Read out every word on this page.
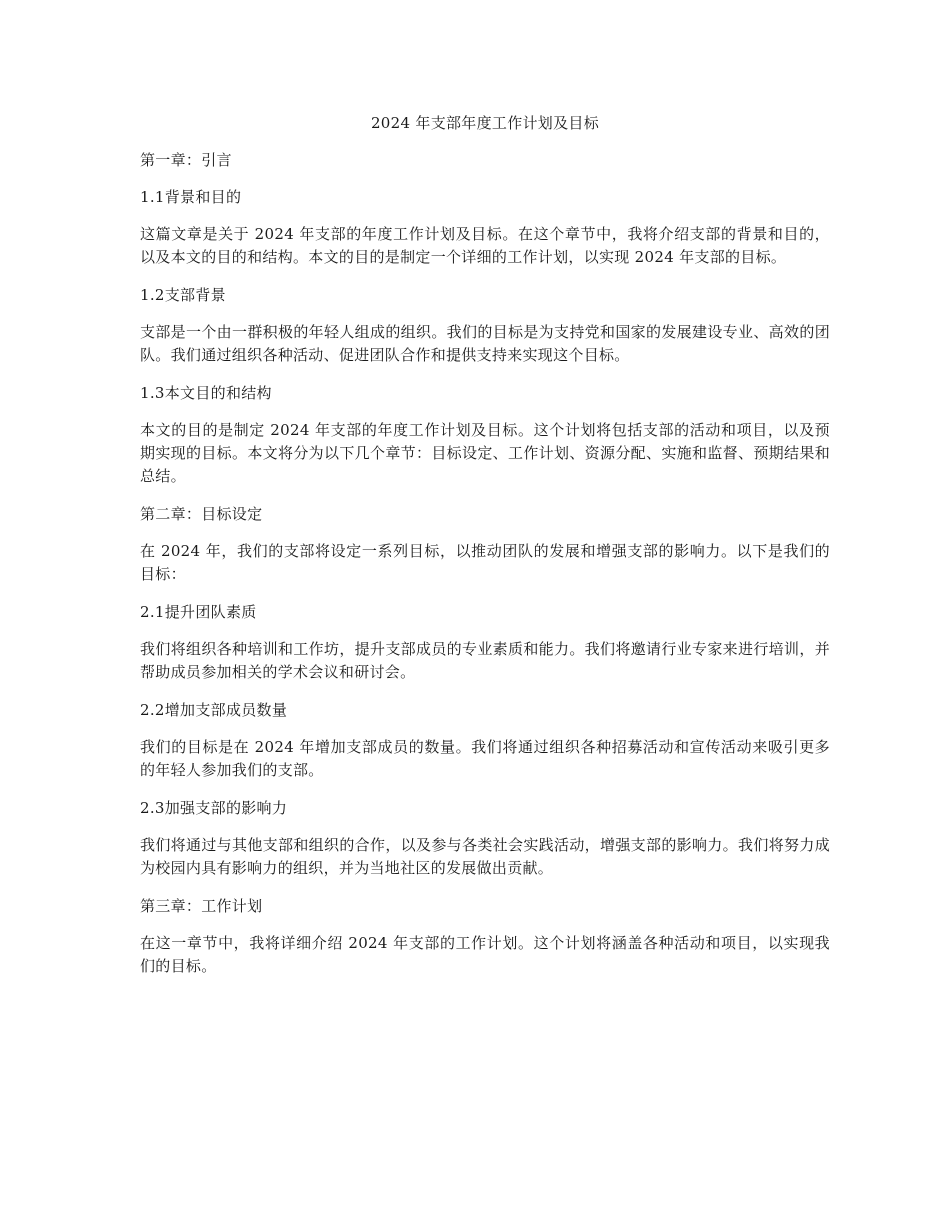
2024 年支部年度工作计划及目标
第一章：引言
1.1背景和目的
这篇文章是关于 2024 年支部的年度工作计划及目标。在这个章节中，我将介绍支部的背景和目的，以及本文的目的和结构。本文的目的是制定一个详细的工作计划，以实现 2024 年支部的目标。
1.2支部背景
支部是一个由一群积极的年轻人组成的组织。我们的目标是为支持党和国家的发展建设专业、高效的团队。我们通过组织各种活动、促进团队合作和提供支持来实现这个目标。
1.3本文目的和结构
本文的目的是制定 2024 年支部的年度工作计划及目标。这个计划将包括支部的活动和项目，以及预期实现的目标。本文将分为以下几个章节：目标设定、工作计划、资源分配、实施和监督、预期结果和总结。
第二章：目标设定
在 2024 年，我们的支部将设定一系列目标，以推动团队的发展和增强支部的影响力。以下是我们的目标：
2.1提升团队素质
我们将组织各种培训和工作坊，提升支部成员的专业素质和能力。我们将邀请行业专家来进行培训，并帮助成员参加相关的学术会议和研讨会。
2.2增加支部成员数量
我们的目标是在 2024 年增加支部成员的数量。我们将通过组织各种招募活动和宣传活动来吸引更多的年轻人参加我们的支部。
2.3加强支部的影响力
我们将通过与其他支部和组织的合作，以及参与各类社会实践活动，增强支部的影响力。我们将努力成为校园内具有影响力的组织，并为当地社区的发展做出贡献。
第三章：工作计划
在这一章节中，我将详细介绍 2024 年支部的工作计划。这个计划将涵盖各种活动和项目，以实现我们的目标。
